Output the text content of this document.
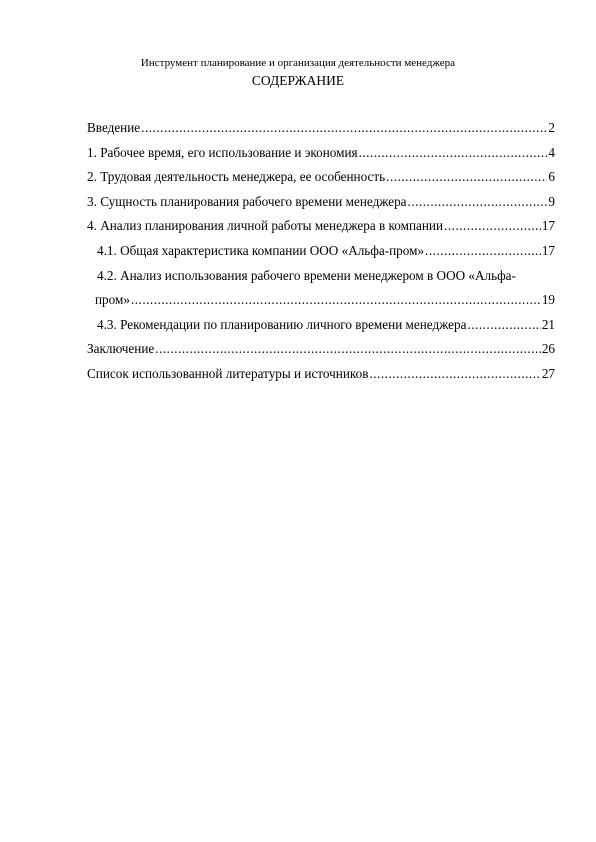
Инструмент планирование и организация деятельности менеджера
СОДЕРЖАНИЕ
Введение .....	2
1. Рабочее время, его использование и экономия .....	4
2. Трудовая деятельность менеджера, ее особенность .....	6
3. Сущность планирования рабочего времени менеджера .....	9
4. Анализ планирования личной работы менеджера в компании .....	17
4.1. Общая характеристика компании ООО «Альфа-пром» .....	17
4.2. Анализ использования рабочего времени менеджером в ООО «Альфа-
пром» .....	19
4.3. Рекомендации по планированию личного времени менеджера .....	21
Заключение .....	26
Список использованной литературы и источников .....	27
